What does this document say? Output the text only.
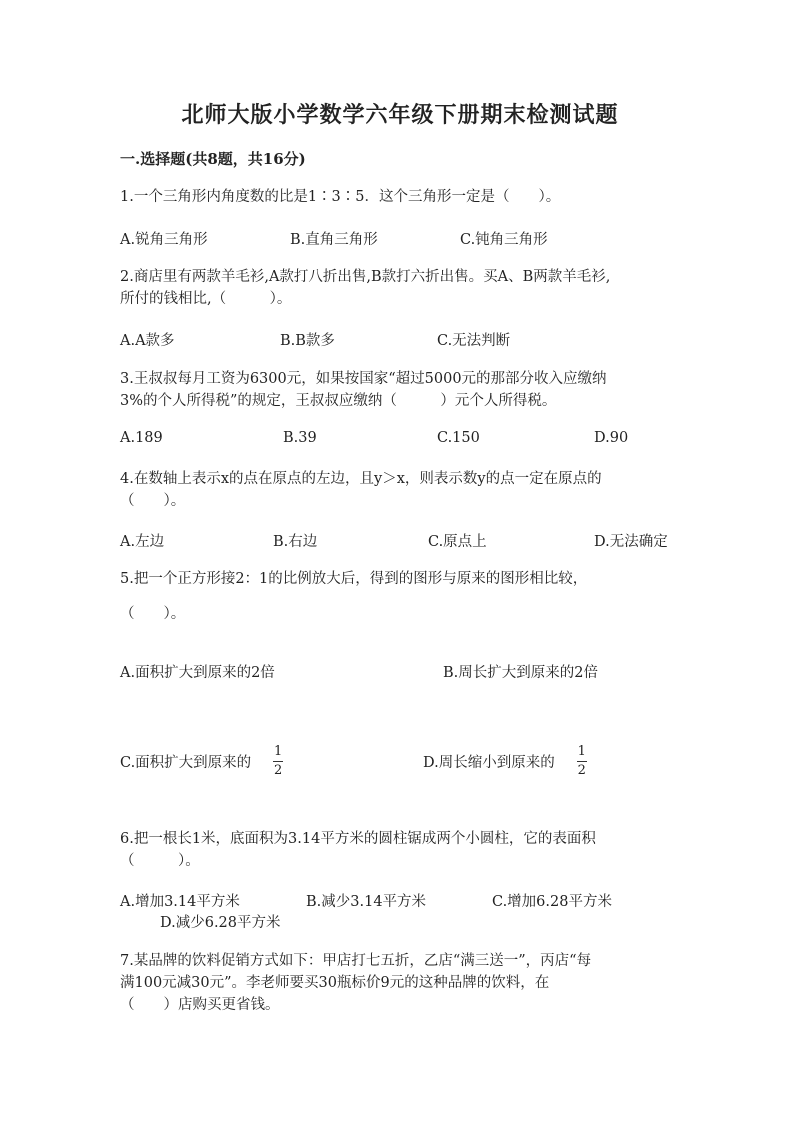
北师大版小学数学六年级下册期末检测试题
一.选择题(共8题，共16分)
1.一个三角形内角度数的比是1∶3∶5．这个三角形一定是（　　）。
A.锐角三角形	B.直角三角形	C.钝角三角形
2.商店里有两款羊毛衫,A款打八折出售,B款打六折出售。买A、B两款羊毛衫,
所付的钱相比,（　　　）。
A.A款多	B.B款多	C.无法判断
3.王叔叔每月工资为6300元，如果按国家“超过5000元的那部分收入应缴纳
3%的个人所得税”的规定，王叔叔应缴纳（　　　）元个人所得税。
A.189	B.39	C.150	D.90
4.在数轴上表示x的点在原点的左边，且y＞x，则表示数y的点一定在原点的
（　　）。
A.左边	B.右边	C.原点上	D.无法确定
5.把一个正方形接2：1的比例放大后，得到的图形与原来的图形相比较，
（　　）。
A.面积扩大到原来的2倍	B.周长扩大到原来的2倍
C.面积扩大到原来的 $\frac{1}{2}$	D.周长缩小到原来的 $\frac{1}{2}$
6.把一根长1米，底面积为3.14平方米的圆柱锯成两个小圆柱，它的表面积
（　　　）。
A.增加3.14平方米	B.减少3.14平方米	C.增加6.28平方米
D.减少6.28平方米
7.某品牌的饮料促销方式如下：甲店打七五折，乙店“满三送一”，丙店“每
满100元减30元”。李老师要买30瓶标价9元的这种品牌的饮料，在
（　　）店购买更省钱。
